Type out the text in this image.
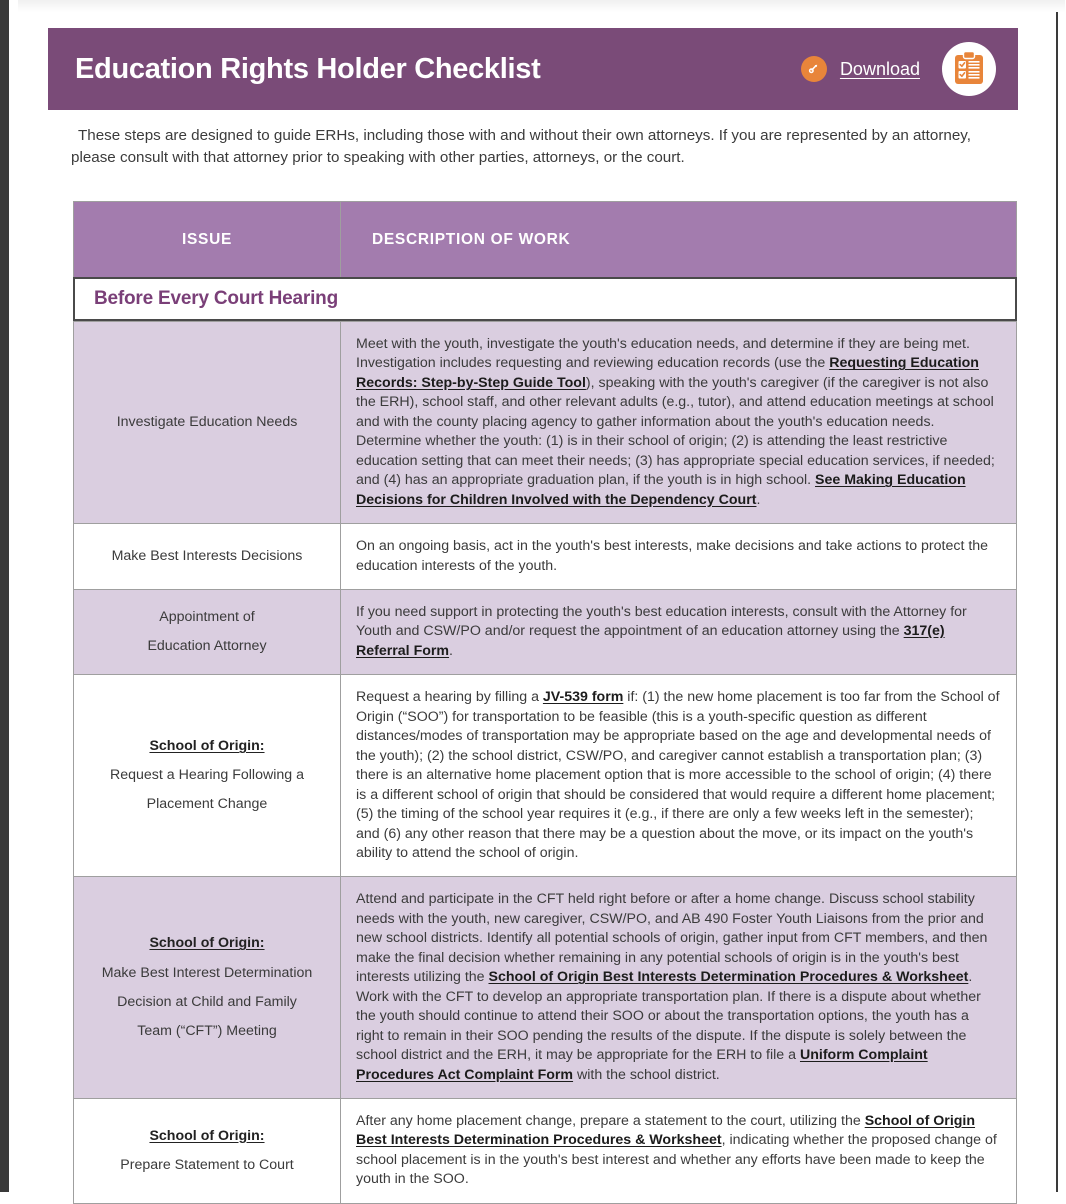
Education Rights Holder Checklist	Download
These steps are designed to guide ERHs, including those with and without their own attorneys. If you are represented by an attorney, please consult with that attorney prior to speaking with other parties, attorneys, or the court.
ISSUE	DESCRIPTION OF WORK
Before Every Court Hearing
Investigate Education Needs
Meet with the youth, investigate the youth's education needs, and determine if they are being met. Investigation includes requesting and reviewing education records (use the Requesting Education Records: Step-by-Step Guide Tool), speaking with the youth's caregiver (if the caregiver is not also the ERH), school staff, and other relevant adults (e.g., tutor), and attend education meetings at school and with the county placing agency to gather information about the youth's education needs. Determine whether the youth: (1) is in their school of origin; (2) is attending the least restrictive education setting that can meet their needs; (3) has appropriate special education services, if needed; and (4) has an appropriate graduation plan, if the youth is in high school. See Making Education Decisions for Children Involved with the Dependency Court.
Make Best Interests Decisions
On an ongoing basis, act in the youth's best interests, make decisions and take actions to protect the education interests of the youth.
Appointment of
Education Attorney
If you need support in protecting the youth's best education interests, consult with the Attorney for Youth and CSW/PO and/or request the appointment of an education attorney using the 317(e) Referral Form.
School of Origin:
Request a Hearing Following a
Placement Change
Request a hearing by filling a JV-539 form if: (1) the new home placement is too far from the School of Origin (“SOO”) for transportation to be feasible (this is a youth-specific question as different distances/modes of transportation may be appropriate based on the age and developmental needs of the youth); (2) the school district, CSW/PO, and caregiver cannot establish a transportation plan; (3) there is an alternative home placement option that is more accessible to the school of origin; (4) there is a different school of origin that should be considered that would require a different home placement; (5) the timing of the school year requires it (e.g., if there are only a few weeks left in the semester); and (6) any other reason that there may be a question about the move, or its impact on the youth's ability to attend the school of origin.
School of Origin:
Make Best Interest Determination
Decision at Child and Family
Team (“CFT”) Meeting
Attend and participate in the CFT held right before or after a home change. Discuss school stability needs with the youth, new caregiver, CSW/PO, and AB 490 Foster Youth Liaisons from the prior and new school districts. Identify all potential schools of origin, gather input from CFT members, and then make the final decision whether remaining in any potential schools of origin is in the youth's best interests utilizing the School of Origin Best Interests Determination Procedures & Worksheet. Work with the CFT to develop an appropriate transportation plan. If there is a dispute about whether the youth should continue to attend their SOO or about the transportation options, the youth has a right to remain in their SOO pending the results of the dispute. If the dispute is solely between the school district and the ERH, it may be appropriate for the ERH to file a Uniform Complaint Procedures Act Complaint Form with the school district.
School of Origin:
Prepare Statement to Court
After any home placement change, prepare a statement to the court, utilizing the School of Origin Best Interests Determination Procedures & Worksheet, indicating whether the proposed change of school placement is in the youth's best interest and whether any efforts have been made to keep the youth in the SOO.
